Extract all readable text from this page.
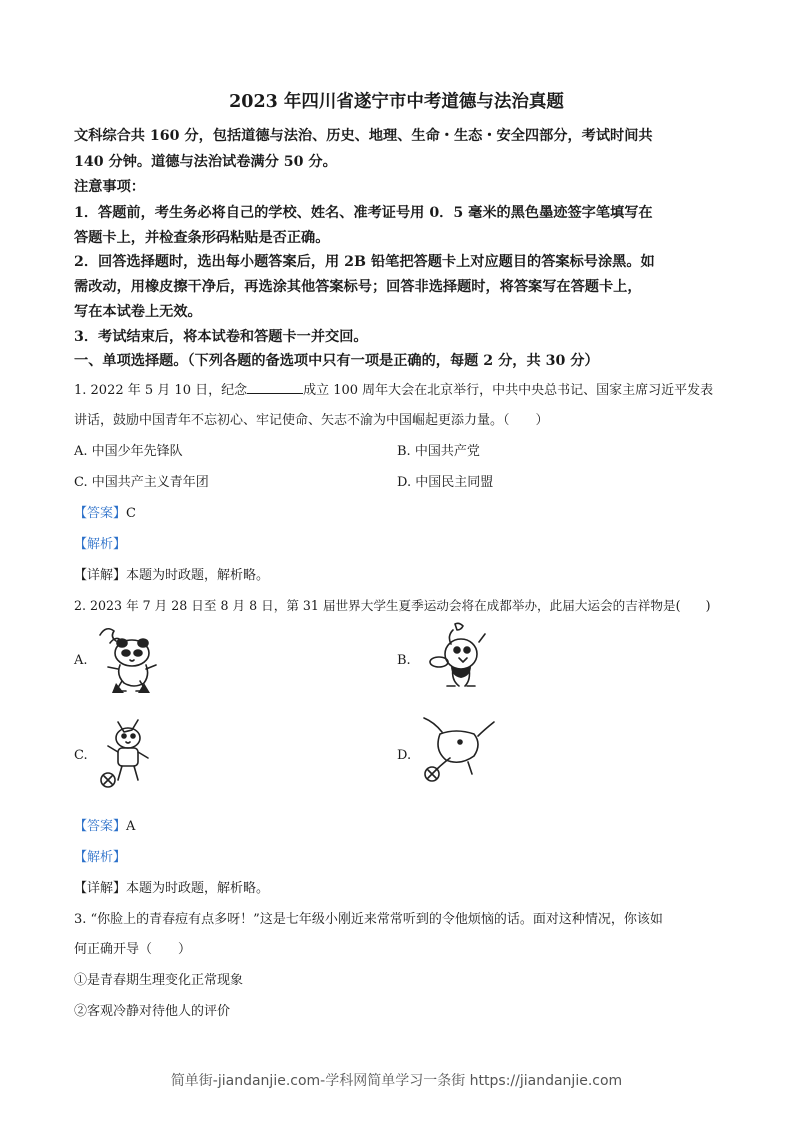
2023 年四川省遂宁市中考道德与法治真题
文科综合共 160 分，包括道德与法治、历史、地理、生命・生态・安全四部分，考试时间共
140 分钟。道德与法治试卷满分 50 分。
注意事项：
1．答题前，考生务必将自己的学校、姓名、准考证号用 0．5 毫米的黑色墨迹签字笔填写在
答题卡上，并检查条形码粘贴是否正确。
2．回答选择题时，选出每小题答案后，用 2B 铅笔把答题卡上对应题目的答案标号涂黑。如
需改动，用橡皮擦干净后，再选涂其他答案标号；回答非选择题时，将答案写在答题卡上，
写在本试卷上无效。
3．考试结束后，将本试卷和答题卡一并交回。
一、单项选择题。（下列各题的备选项中只有一项是正确的，每题 2 分，共 30 分）
1. 2022 年 5 月 10 日，纪念	成立 100 周年大会在北京举行，中共中央总书记、国家主席习近平发表
讲话，鼓励中国青年不忘初心、牢记使命、矢志不渝为中国崛起更添力量。（　　）
A. 中国少年先锋队	B. 中国共产党
C. 中国共产主义青年团	D. 中国民主同盟
【答案】C
【解析】
【详解】本题为时政题，解析略。
2. 2023 年 7 月 28 日至 8 月 8 日，第 31 届世界大学生夏季运动会将在成都举办，此届大运会的吉祥物是(　　)
A.	B.
C.	D.
【答案】A
【解析】
【详解】本题为时政题，解析略。
3. “你脸上的青春痘有点多呀！”这是七年级小刚近来常常听到的令他烦恼的话。面对这种情况，你该如
何正确开导（　　）
①是青春期生理变化正常现象
②客观冷静对待他人的评价
简单街-jiandanjie.com-学科网简单学习一条街 https://jiandanjie.com
